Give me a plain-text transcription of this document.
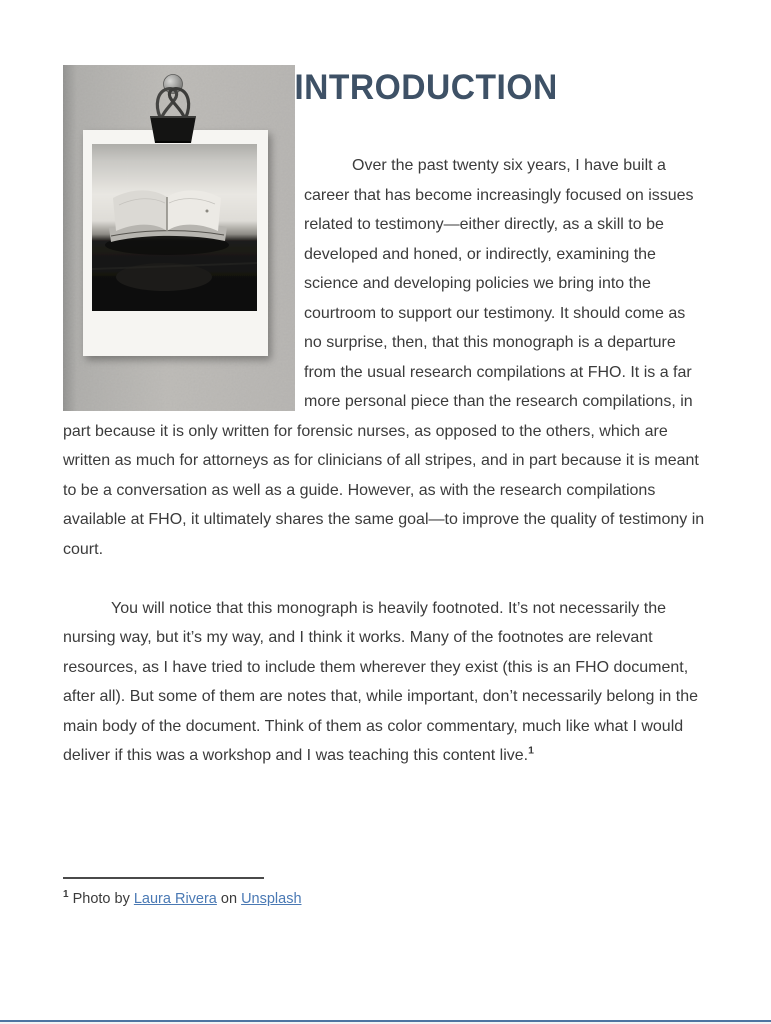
INTRODUCTION

Over the past twenty six years, I have built a career that has become increasingly focused on issues related to testimony—either directly, as a skill to be developed and honed, or indirectly, examining the science and developing policies we bring into the courtroom to support our testimony. It should come as no surprise, then, that this monograph is a departure from the usual research compilations at FHO. It is a far more personal piece than the research compilations, in part because it is only written for forensic nurses, as opposed to the others, which are written as much for attorneys as for clinicians of all stripes, and in part because it is meant to be a conversation as well as a guide. However, as with the research compilations available at FHO, it ultimately shares the same goal—to improve the quality of testimony in court.

You will notice that this monograph is heavily footnoted. It’s not necessarily the nursing way, but it’s my way, and I think it works. Many of the footnotes are relevant resources, as I have tried to include them wherever they exist (this is an FHO document, after all). But some of them are notes that, while important, don’t necessarily belong in the main body of the document. Think of them as color commentary, much like what I would deliver if this was a workshop and I was teaching this content live.$^1$

$^1$ Photo by Laura Rivera on Unsplash
